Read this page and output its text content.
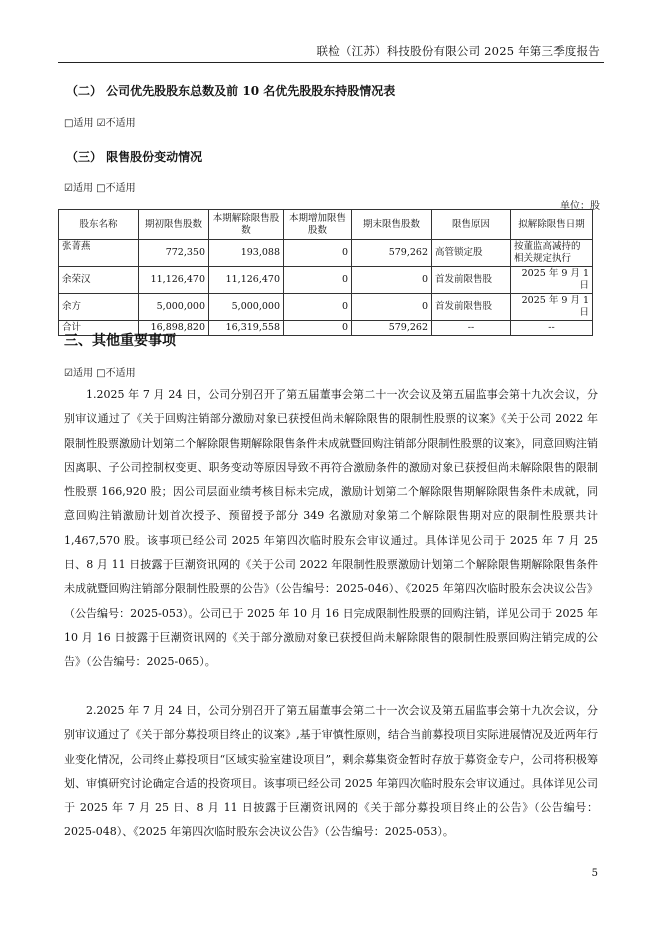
联检（江苏）科技股份有限公司 2025 年第三季度报告
（二） 公司优先股股东总数及前 10 名优先股股东持股情况表
□适用 ☑不适用
（三） 限售股份变动情况
☑适用 □不适用
单位：股
股东名称	期初限售股数	本期解除限售股数	本期增加限售股数	期末限售股数	限售原因	拟解除限售日期
张菁燕	772,350	193,088	0	579,262	高管锁定股	按董监高减持的相关规定执行
余荣汉	11,126,470	11,126,470	0	0	首发前限售股	2025 年 9 月 1 日
余方	5,000,000	5,000,000	0	0	首发前限售股	2025 年 9 月 1 日
合计	16,898,820	16,319,558	0	579,262	--	--
三、其他重要事项
☑适用 □不适用

1.2025 年 7 月 24 日，公司分别召开了第五届董事会第二十一次会议及第五届监事会第十九次会议，分别审议通过了《关于回购注销部分激励对象已获授但尚未解除限售的限制性股票的议案》《关于公司 2022 年限制性股票激励计划第二个解除限售期解除限售条件未成就暨回购注销部分限制性股票的议案》，同意回购注销因离职、子公司控制权变更、职务变动等原因导致不再符合激励条件的激励对象已获授但尚未解除限售的限制性股票 166,920 股；因公司层面业绩考核目标未完成，激励计划第二个解除限售期解除限售条件未成就，同意回购注销激励计划首次授予、预留授予部分 349 名激励对象第二个解除限售期对应的限制性股票共计 1,467,570 股。该事项已经公司 2025 年第四次临时股东会审议通过。具体详见公司于 2025 年 7 月 25 日、8 月 11 日披露于巨潮资讯网的《关于公司 2022 年限制性股票激励计划第二个解除限售期解除限售条件未成就暨回购注销部分限制性股票的公告》（公告编号：2025-046）、《2025 年第四次临时股东会决议公告》（公告编号：2025-053）。公司已于 2025 年 10 月 16 日完成限制性股票的回购注销，详见公司于 2025 年 10 月 16 日披露于巨潮资讯网的《关于部分激励对象已获授但尚未解除限售的限制性股票回购注销完成的公告》（公告编号：2025-065）。

2.2025 年 7 月 24 日，公司分别召开了第五届董事会第二十一次会议及第五届监事会第十九次会议，分别审议通过了《关于部分募投项目终止的议案》,基于审慎性原则，结合当前募投项目实际进展情况及近两年行业变化情况，公司终止募投项目“区域实验室建设项目”，剩余募集资金暂时存放于募资金专户，公司将积极筹划、审慎研究讨论确定合适的投资项目。该事项已经公司 2025 年第四次临时股东会审议通过。具体详见公司于 2025 年 7 月 25 日、8 月 11 日披露于巨潮资讯网的《关于部分募投项目终止的公告》（公告编号：2025-048）、《2025 年第四次临时股东会决议公告》（公告编号：2025-053）。

5
